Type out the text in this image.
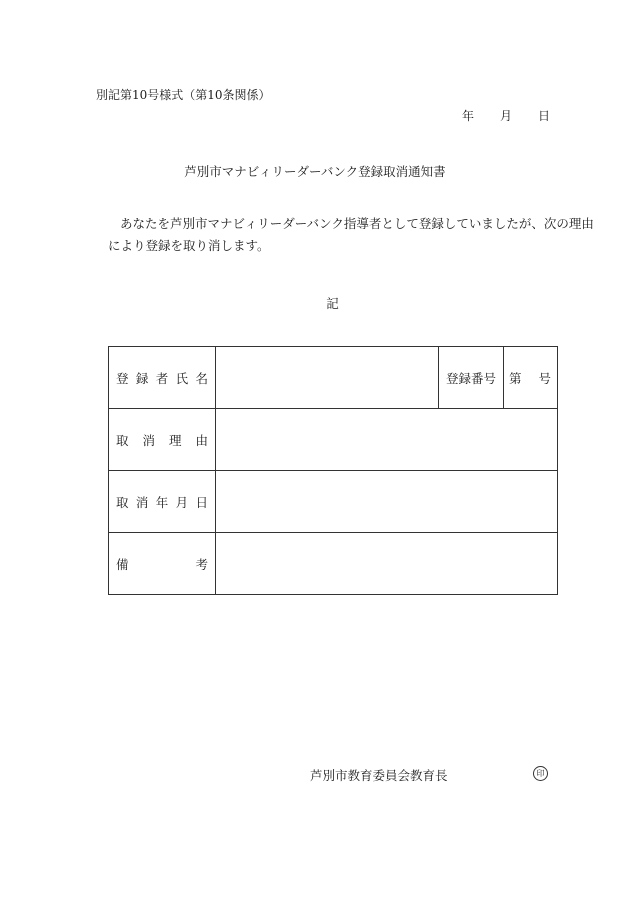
別記第10号様式（第10条関係）
年 月 日
芦別市マナビィリーダーバンク登録取消通知書
あなたを芦別市マナビィリーダーバンク指導者として登録していましたが、次の理由
により登録を取り消します。
記
登 録 者 氏 名		登録番号	第 号

取 消 理 由			

取 消 年 月 日			

備 考			

芦別市教育委員会教育長	印
